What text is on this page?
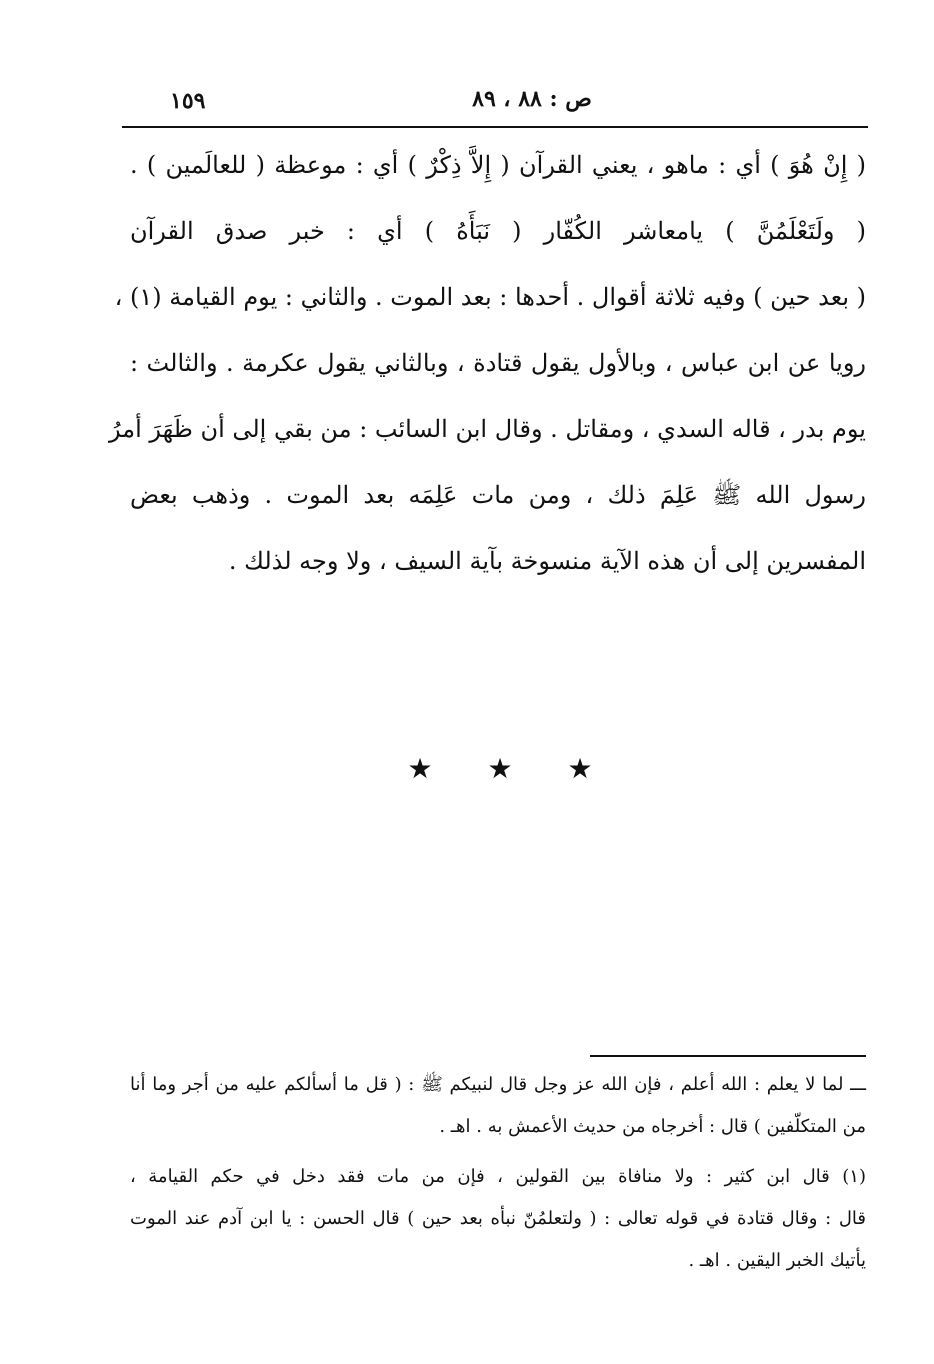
١٥٩	ص : ٨٨ ، ٨٩
( إِنْ هُوَ ) أي : ماهو ، يعني القرآن ( إِلاَّ ذِكْرٌ ) أي : موعظة ( للعالَمين ) .
( ولَتَعْلَمُنَّ ) يامعاشر الكُفّار ( نَبَأَهُ ) أي : خبر صدق القرآن
( بعد حين ) وفيه ثلاثة أقوال . أحدها : بعد الموت . والثاني : يوم القيامة (١) ،
رويا عن ابن عباس ، وبالأول يقول قتادة ، وبالثاني يقول عكرمة . والثالث :
يوم بدر ، قاله السدي ، ومقاتل . وقال ابن السائب : من بقي إلى أن ظَهَرَ أمرُ
رسول الله ﷺ عَلِمَ ذلك ، ومن مات عَلِمَه بعد الموت . وذهب بعض
المفسرين إلى أن هذه الآية منسوخة بآية السيف ، ولا وجه لذلك .
★ ★ ★
ـــ لما لا يعلم : الله أعلم ، فإن الله عز وجل قال لنبيكم ﷺ : ( قل ما أسألكم عليه من أجر وما أنا
من المتكلّفين ) قال : أخرجاه من حديث الأعمش به . اهـ .
(١) قال ابن كثير : ولا منافاة بين القولين ، فإن من مات فقد دخل في حكم القيامة ،
قال : وقال قتادة في قوله تعالى : ( ولتعلمُنّ نبأه بعد حين ) قال الحسن : يا ابن آدم عند الموت
يأتيك الخبر اليقين . اهـ .
